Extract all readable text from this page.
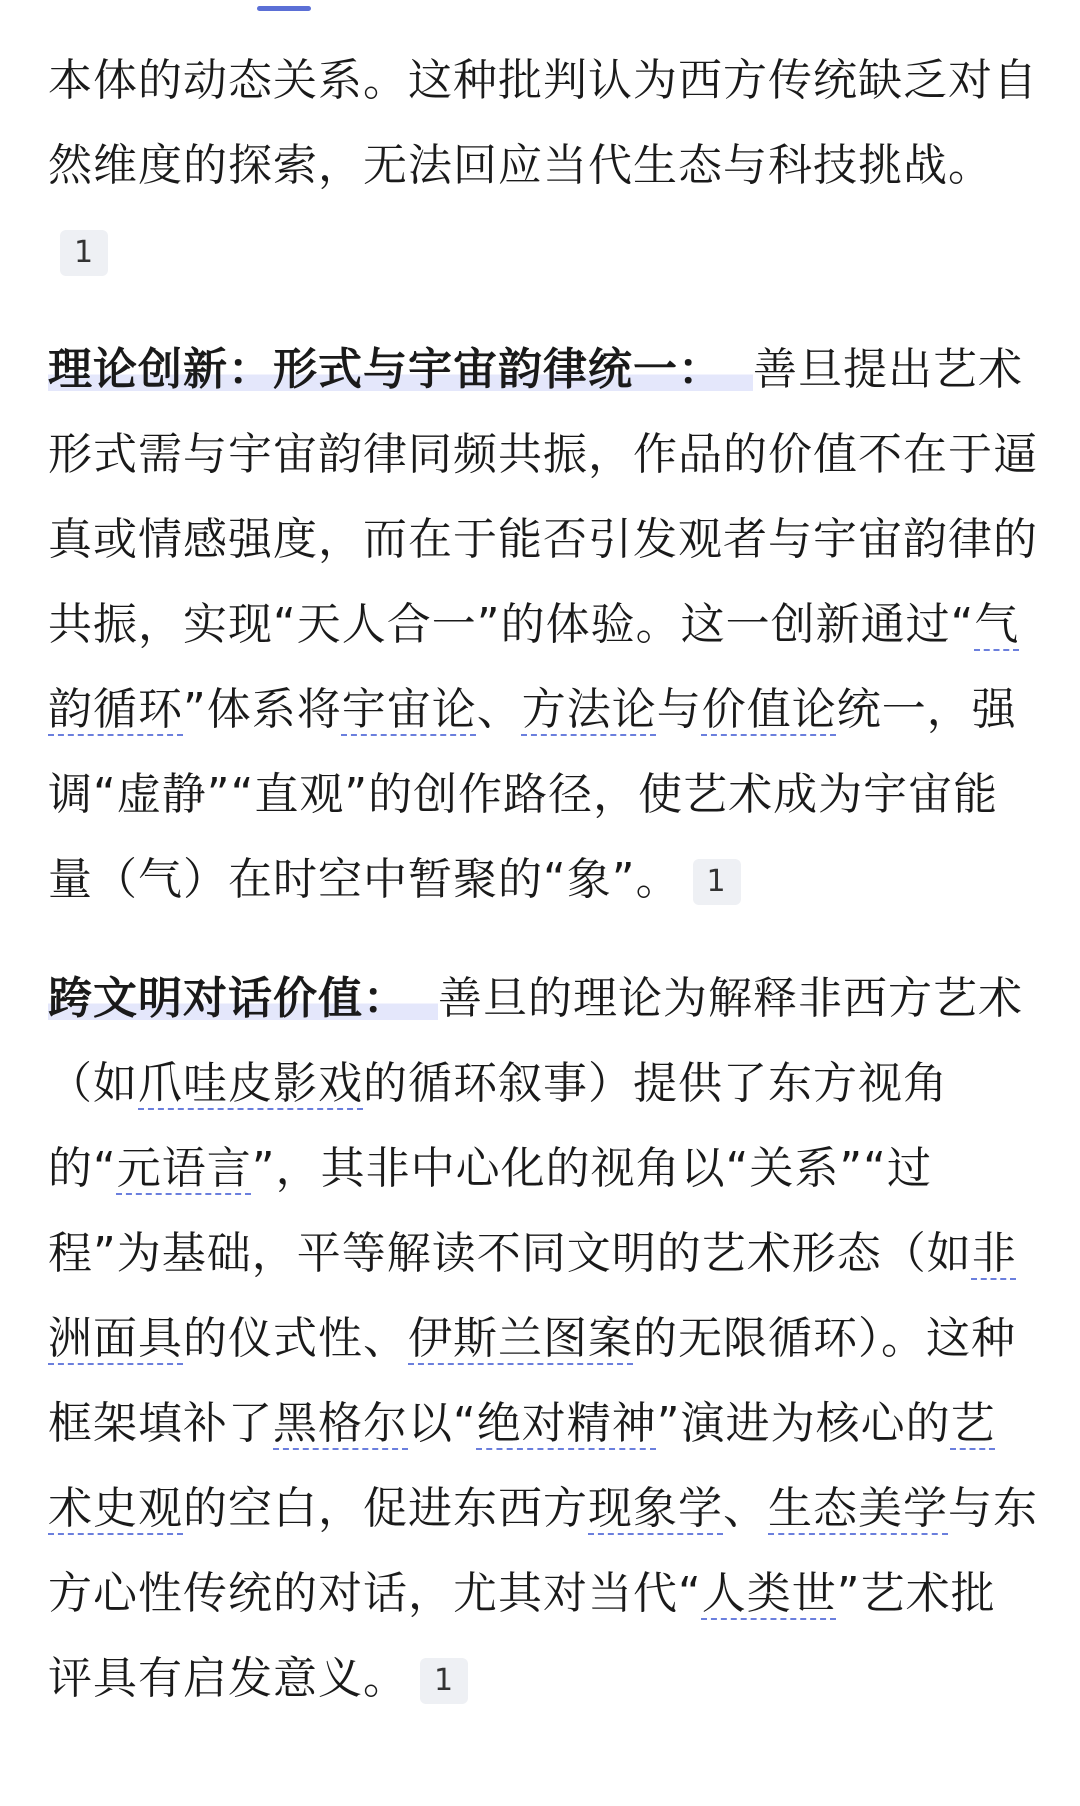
本体的动态关系。这种批判认为西方传统缺乏对自然维度的探索，无法回应当代生态与科技挑战。1

理论创新：形式与宇宙韵律统一： 善旦提出艺术形式需与宇宙韵律同频共振，作品的价值不在于逼真或情感强度，而在于能否引发观者与宇宙韵律的共振，实现“天人合一”的体验。这一创新通过“气韵循环”体系将宇宙论、方法论与价值论统一，强调“虚静”“直观”的创作路径，使艺术成为宇宙能量（气）在时空中暂聚的“象”。 1

跨文明对话价值： 善旦的理论为解释非西方艺术（如爪哇皮影戏的循环叙事）提供了东方视角的“元语言”，其非中心化的视角以“关系”“过程”为基础，平等解读不同文明的艺术形态（如非洲面具的仪式性、伊斯兰图案的无限循环）。这种框架填补了黑格尔以“绝对精神”演进为核心的艺术史观的空白，促进东西方现象学、生态美学与东方心性传统的对话，尤其对当代“人类世”艺术批评具有启发意义。 1
